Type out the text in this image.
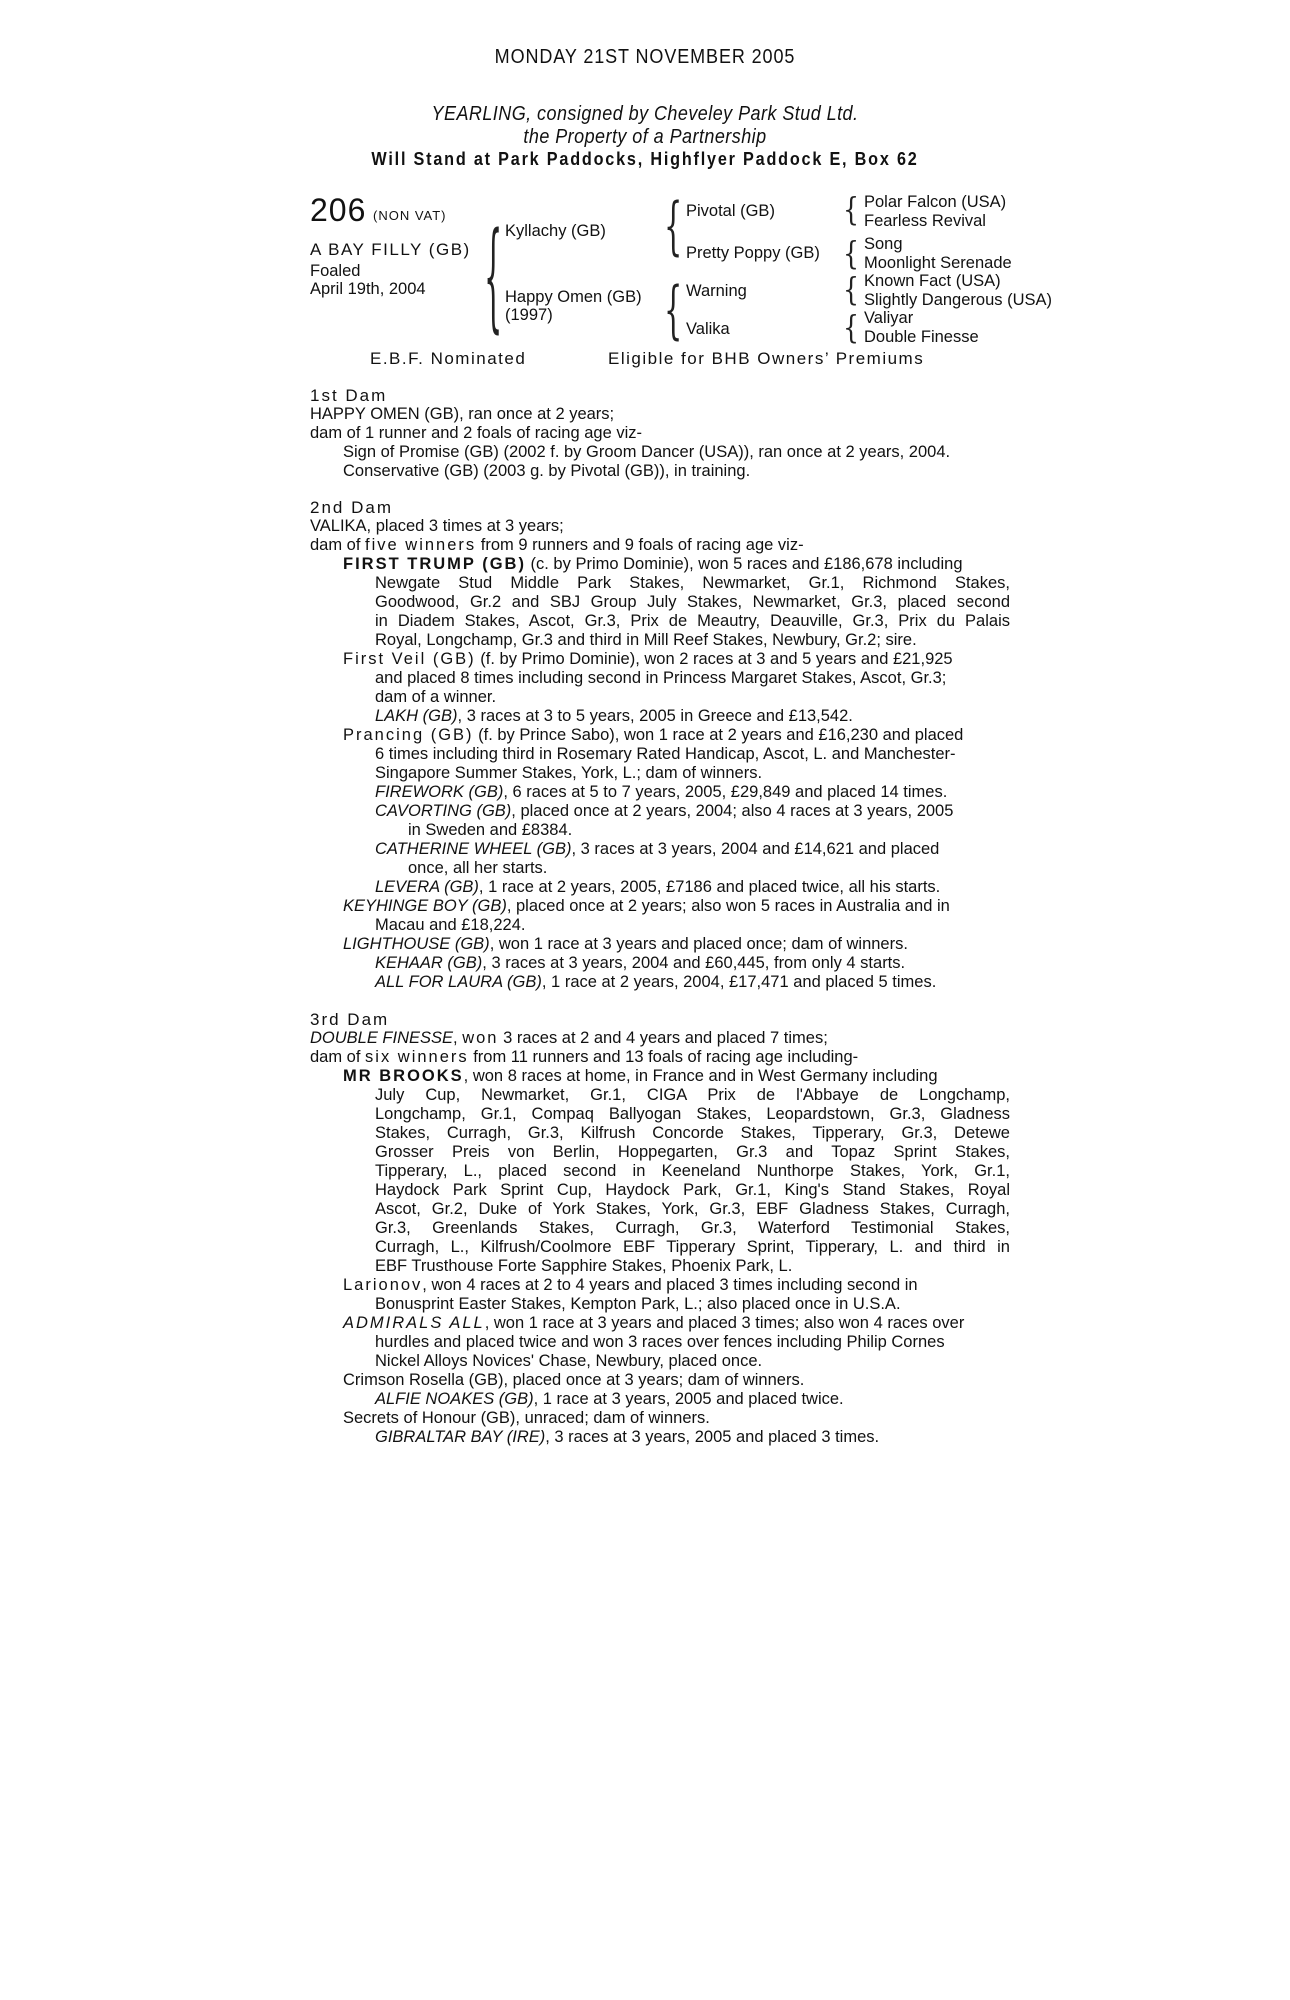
MONDAY 21ST NOVEMBER 2005
YEARLING, consigned by Cheveley Park Stud Ltd.
the Property of a Partnership
Will Stand at Park Paddocks, Highflyer Paddock E, Box 62
206 (NON VAT)
A BAY FILLY (GB)
Foaled
April 19th, 2004 { Kyllachy (GB)
Happy Omen (GB)
(1997)
{ Pivotal (GB)
Pretty Poppy (GB)
{ Warning
Valika
{ Polar Falcon (USA)
Fearless Revival
{ Song
Moonlight Serenade
{ Known Fact (USA)
Slightly Dangerous (USA)
{ Valiyar
Double Finesse
E.B.F. Nominated	Eligible for BHB Owners’ Premiums
1st Dam
HAPPY OMEN (GB), ran once at 2 years;
dam of 1 runner and 2 foals of racing age viz-
Sign of Promise (GB) (2002 f. by Groom Dancer (USA)), ran once at 2 years, 2004.
Conservative (GB) (2003 g. by Pivotal (GB)), in training.
2nd Dam
VALIKA, placed 3 times at 3 years;
dam of five winners from 9 runners and 9 foals of racing age viz-
FIRST TRUMP (GB) (c. by Primo Dominie), won 5 races and £186,678 including
Newgate Stud Middle Park Stakes, Newmarket, Gr.1, Richmond Stakes,
Goodwood, Gr.2 and SBJ Group July Stakes, Newmarket, Gr.3, placed second
in Diadem Stakes, Ascot, Gr.3, Prix de Meautry, Deauville, Gr.3, Prix du Palais
Royal, Longchamp, Gr.3 and third in Mill Reef Stakes, Newbury, Gr.2; sire.
First Veil (GB) (f. by Primo Dominie), won 2 races at 3 and 5 years and £21,925
and placed 8 times including second in Princess Margaret Stakes, Ascot, Gr.3;
dam of a winner.
LAKH (GB), 3 races at 3 to 5 years, 2005 in Greece and £13,542.
Prancing (GB) (f. by Prince Sabo), won 1 race at 2 years and £16,230 and placed
6 times including third in Rosemary Rated Handicap, Ascot, L. and Manchester-
Singapore Summer Stakes, York, L.; dam of winners.
FIREWORK (GB), 6 races at 5 to 7 years, 2005, £29,849 and placed 14 times.
CAVORTING (GB), placed once at 2 years, 2004; also 4 races at 3 years, 2005
in Sweden and £8384.
CATHERINE WHEEL (GB), 3 races at 3 years, 2004 and £14,621 and placed
once, all her starts.
LEVERA (GB), 1 race at 2 years, 2005, £7186 and placed twice, all his starts.
KEYHINGE BOY (GB), placed once at 2 years; also won 5 races in Australia and in
Macau and £18,224.
LIGHTHOUSE (GB), won 1 race at 3 years and placed once; dam of winners.
KEHAAR (GB), 3 races at 3 years, 2004 and £60,445, from only 4 starts.
ALL FOR LAURA (GB), 1 race at 2 years, 2004, £17,471 and placed 5 times.
3rd Dam
DOUBLE FINESSE, won 3 races at 2 and 4 years and placed 7 times;
dam of six winners from 11 runners and 13 foals of racing age including-
MR BROOKS, won 8 races at home, in France and in West Germany including
July Cup, Newmarket, Gr.1, CIGA Prix de l'Abbaye de Longchamp,
Longchamp, Gr.1, Compaq Ballyogan Stakes, Leopardstown, Gr.3, Gladness
Stakes, Curragh, Gr.3, Kilfrush Concorde Stakes, Tipperary, Gr.3, Detewe
Grosser Preis von Berlin, Hoppegarten, Gr.3 and Topaz Sprint Stakes,
Tipperary, L., placed second in Keeneland Nunthorpe Stakes, York, Gr.1,
Haydock Park Sprint Cup, Haydock Park, Gr.1, King's Stand Stakes, Royal
Ascot, Gr.2, Duke of York Stakes, York, Gr.3, EBF Gladness Stakes, Curragh,
Gr.3, Greenlands Stakes, Curragh, Gr.3, Waterford Testimonial Stakes,
Curragh, L., Kilfrush/Coolmore EBF Tipperary Sprint, Tipperary, L. and third in
EBF Trusthouse Forte Sapphire Stakes, Phoenix Park, L.
Larionov, won 4 races at 2 to 4 years and placed 3 times including second in
Bonusprint Easter Stakes, Kempton Park, L.; also placed once in U.S.A.
ADMIRALS ALL, won 1 race at 3 years and placed 3 times; also won 4 races over
hurdles and placed twice and won 3 races over fences including Philip Cornes
Nickel Alloys Novices' Chase, Newbury, placed once.
Crimson Rosella (GB), placed once at 3 years; dam of winners.
ALFIE NOAKES (GB), 1 race at 3 years, 2005 and placed twice.
Secrets of Honour (GB), unraced; dam of winners.
GIBRALTAR BAY (IRE), 3 races at 3 years, 2005 and placed 3 times.
